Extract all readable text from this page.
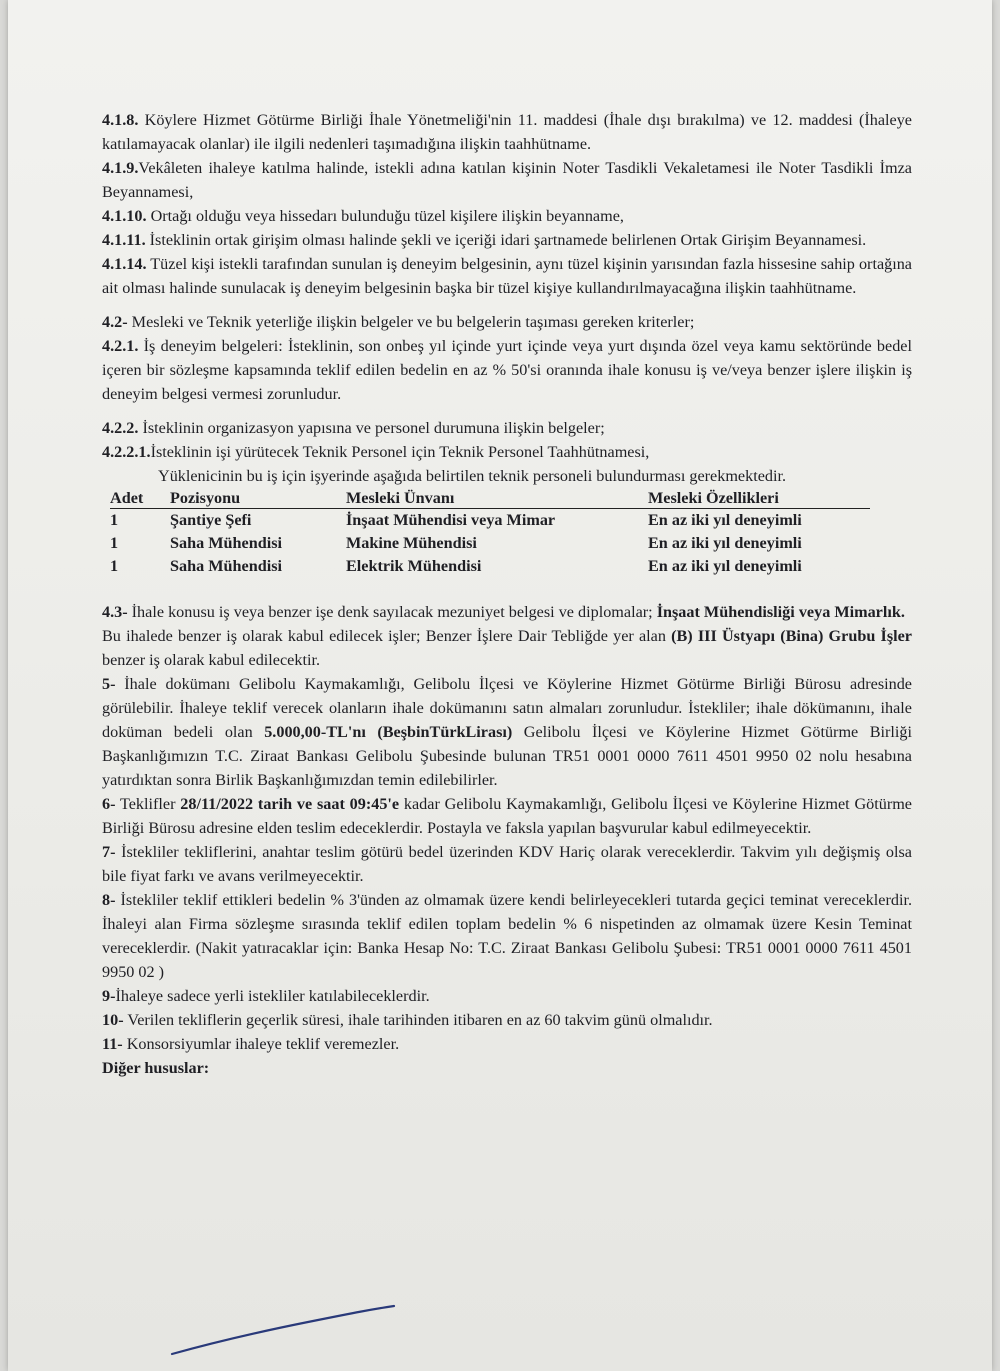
4.1.8. Köylere Hizmet Götürme Birliği İhale Yönetmeliği'nin 11. maddesi (İhale dışı bırakılma) ve 12. maddesi (İhaleye katılamayacak olanlar) ile ilgili nedenleri taşımadığına ilişkin taahhütname.

4.1.9.Vekâleten ihaleye katılma halinde, istekli adına katılan kişinin Noter Tasdikli Vekaletamesi ile Noter Tasdikli İmza Beyannamesi,

4.1.10. Ortağı olduğu veya hissedarı bulunduğu tüzel kişilere ilişkin beyanname,

4.1.11. İsteklinin ortak girişim olması halinde şekli ve içeriği idari şartnamede belirlenen Ortak Girişim Beyannamesi.

4.1.14. Tüzel kişi istekli tarafından sunulan iş deneyim belgesinin, aynı tüzel kişinin yarısından fazla hissesine sahip ortağına ait olması halinde sunulacak iş deneyim belgesinin başka bir tüzel kişiye kullandırılmayacağına ilişkin taahhütname.

4.2- Mesleki ve Teknik yeterliğe ilişkin belgeler ve bu belgelerin taşıması gereken kriterler;

4.2.1. İş deneyim belgeleri: İsteklinin, son onbeş yıl içinde yurt içinde veya yurt dışında özel veya kamu sektöründe bedel içeren bir sözleşme kapsamında teklif edilen bedelin en az % 50'si oranında ihale konusu iş ve/veya benzer işlere ilişkin iş deneyim belgesi vermesi zorunludur.

4.2.2. İsteklinin organizasyon yapısına ve personel durumuna ilişkin belgeler;

4.2.2.1.İsteklinin işi yürütecek Teknik Personel için Teknik Personel Taahhütnamesi,

Yüklenicinin bu iş için işyerinde aşağıda belirtilen teknik personeli bulundurması gerekmektedir.

Adet	Pozisyonu	Mesleki Ünvanı	Mesleki Özellikleri
1	Şantiye Şefi	İnşaat Mühendisi veya Mimar	En az iki yıl deneyimli
1	Saha Mühendisi	Makine Mühendisi	En az iki yıl deneyimli
1	Saha Mühendisi	Elektrik Mühendisi	En az iki yıl deneyimli

4.3- İhale konusu iş veya benzer işe denk sayılacak mezuniyet belgesi ve diplomalar; İnşaat Mühendisliği veya Mimarlık.

Bu ihalede benzer iş olarak kabul edilecek işler; Benzer İşlere Dair Tebliğde yer alan (B) III Üstyapı (Bina) Grubu İşler benzer iş olarak kabul edilecektir.

5- İhale dokümanı Gelibolu Kaymakamlığı, Gelibolu İlçesi ve Köylerine Hizmet Götürme Birliği Bürosu adresinde görülebilir. İhaleye teklif verecek olanların ihale dokümanını satın almaları zorunludur. İstekliler; ihale dökümanını, ihale doküman bedeli olan 5.000,00-TL'nı (BeşbinTürkLirası) Gelibolu İlçesi ve Köylerine Hizmet Götürme Birliği Başkanlığımızın T.C. Ziraat Bankası Gelibolu Şubesinde bulunan TR51 0001 0000 7611 4501 9950 02 nolu hesabına yatırdıktan sonra Birlik Başkanlığımızdan temin edilebilirler.

6- Teklifler 28/11/2022 tarih ve saat 09:45'e kadar Gelibolu Kaymakamlığı, Gelibolu İlçesi ve Köylerine Hizmet Götürme Birliği Bürosu adresine elden teslim edeceklerdir. Postayla ve faksla yapılan başvurular kabul edilmeyecektir.

7- İstekliler tekliflerini, anahtar teslim götürü bedel üzerinden KDV Hariç olarak vereceklerdir. Takvim yılı değişmiş olsa bile fiyat farkı ve avans verilmeyecektir.

8- İstekliler teklif ettikleri bedelin % 3'ünden az olmamak üzere kendi belirleyecekleri tutarda geçici teminat vereceklerdir. İhaleyi alan Firma sözleşme sırasında teklif edilen toplam bedelin % 6 nispetinden az olmamak üzere Kesin Teminat vereceklerdir. (Nakit yatıracaklar için: Banka Hesap No: T.C. Ziraat Bankası Gelibolu Şubesi: TR51 0001 0000 7611 4501 9950 02 )

9-İhaleye sadece yerli istekliler katılabileceklerdir.

10- Verilen tekliflerin geçerlik süresi, ihale tarihinden itibaren en az 60 takvim günü olmalıdır.

11- Konsorsiyumlar ihaleye teklif veremezler.

Diğer hususlar:
